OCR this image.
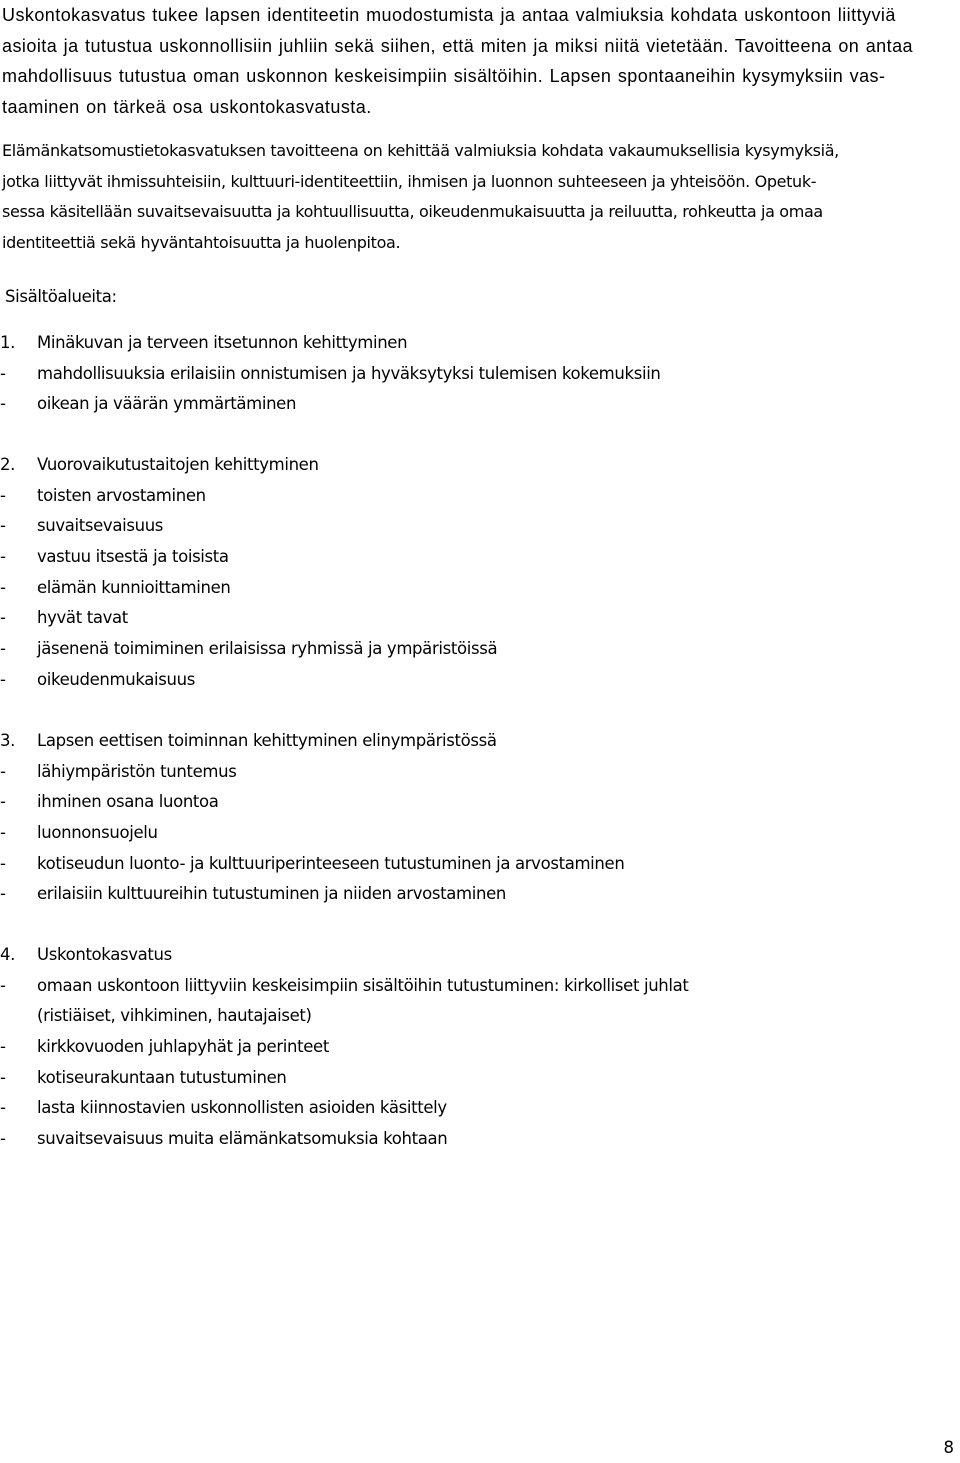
Uskontokasvatus tukee lapsen identiteetin muodostumista ja antaa valmiuksia kohdata uskontoon liittyviä
asioita ja tutustua uskonnollisiin juhliin sekä siihen, että miten ja miksi niitä vietetään. Tavoitteena on antaa
mahdollisuus tutustua oman uskonnon keskeisimpiin sisältöihin. Lapsen spontaaneihin kysymyksiin vas-
taaminen on tärkeä osa uskontokasvatusta.
Elämänkatsomustietokasvatuksen tavoitteena on kehittää valmiuksia kohdata vakaumuksellisia kysymyksiä,
jotka liittyvät ihmissuhteisiin, kulttuuri-identiteettiin, ihmisen ja luonnon suhteeseen ja yhteisöön. Opetuk-
sessa käsitellään suvaitsevaisuutta ja kohtuullisuutta, oikeudenmukaisuutta ja reiluutta, rohkeutta ja omaa
identiteettiä sekä hyväntahtoisuutta ja huolenpitoa.
Sisältöalueita:
1. Minäkuvan ja terveen itsetunnon kehittyminen
- mahdollisuuksia erilaisiin onnistumisen ja hyväksytyksi tulemisen kokemuksiin
- oikean ja väärän ymmärtäminen
2. Vuorovaikutustaitojen kehittyminen
- toisten arvostaminen
- suvaitsevaisuus
- vastuu itsestä ja toisista
- elämän kunnioittaminen
- hyvät tavat
- jäsenenä toimiminen erilaisissa ryhmissä ja ympäristöissä
- oikeudenmukaisuus
3. Lapsen eettisen toiminnan kehittyminen elinympäristössä
- lähiympäristön tuntemus
- ihminen osana luontoa
- luonnonsuojelu
- kotiseudun luonto- ja kulttuuriperinteeseen tutustuminen ja arvostaminen
- erilaisiin kulttuureihin tutustuminen ja niiden arvostaminen
4. Uskontokasvatus
- omaan uskontoon liittyviin keskeisimpiin sisältöihin tutustuminen: kirkolliset juhlat
(ristiäiset, vihkiminen, hautajaiset)
- kirkkovuoden juhlapyhät ja perinteet
- kotiseurakuntaan tutustuminen
- lasta kiinnostavien uskonnollisten asioiden käsittely
- suvaitsevaisuus muita elämänkatsomuksia kohtaan
8
